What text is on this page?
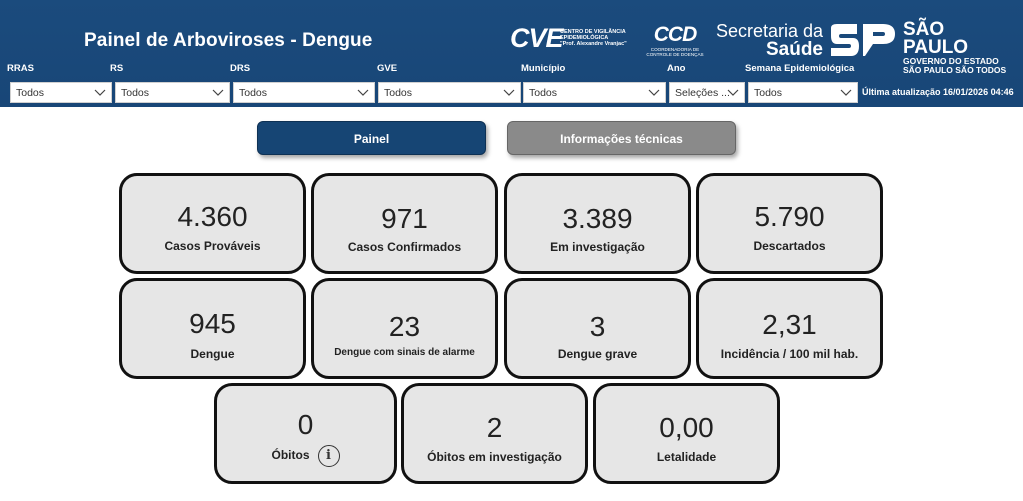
Painel de Arboviroses - Dengue	CVE
CENTRO DE VIGILÂNCIA
EPIDEMIOLÓGICA
"Prof. Alexandre Vranjac"	CCD
COORDENADORIA DE
CONTROLE DE DOENÇAS
Secretaria da
Saúde
SÃO PAULO
GOVERNO DO ESTADO
SÃO PAULO SÃO TODOS
RRAS	RS	DRS	GVE	Município	Ano	Semana Epidemiológica
Todos	Todos	Todos	Todos	Todos	Seleções ...	Todos	Última atualização 16/01/2026 04:46
Painel	Informações técnicas
4.360
Casos Prováveis
971
Casos Confirmados
3.389
Em investigação
5.790
Descartados
945
Dengue
23
Dengue com sinais de alarme
3
Dengue grave
2,31
Incidência / 100 mil hab.
0
Óbitos i
2
Óbitos em investigação
0,00
Letalidade
